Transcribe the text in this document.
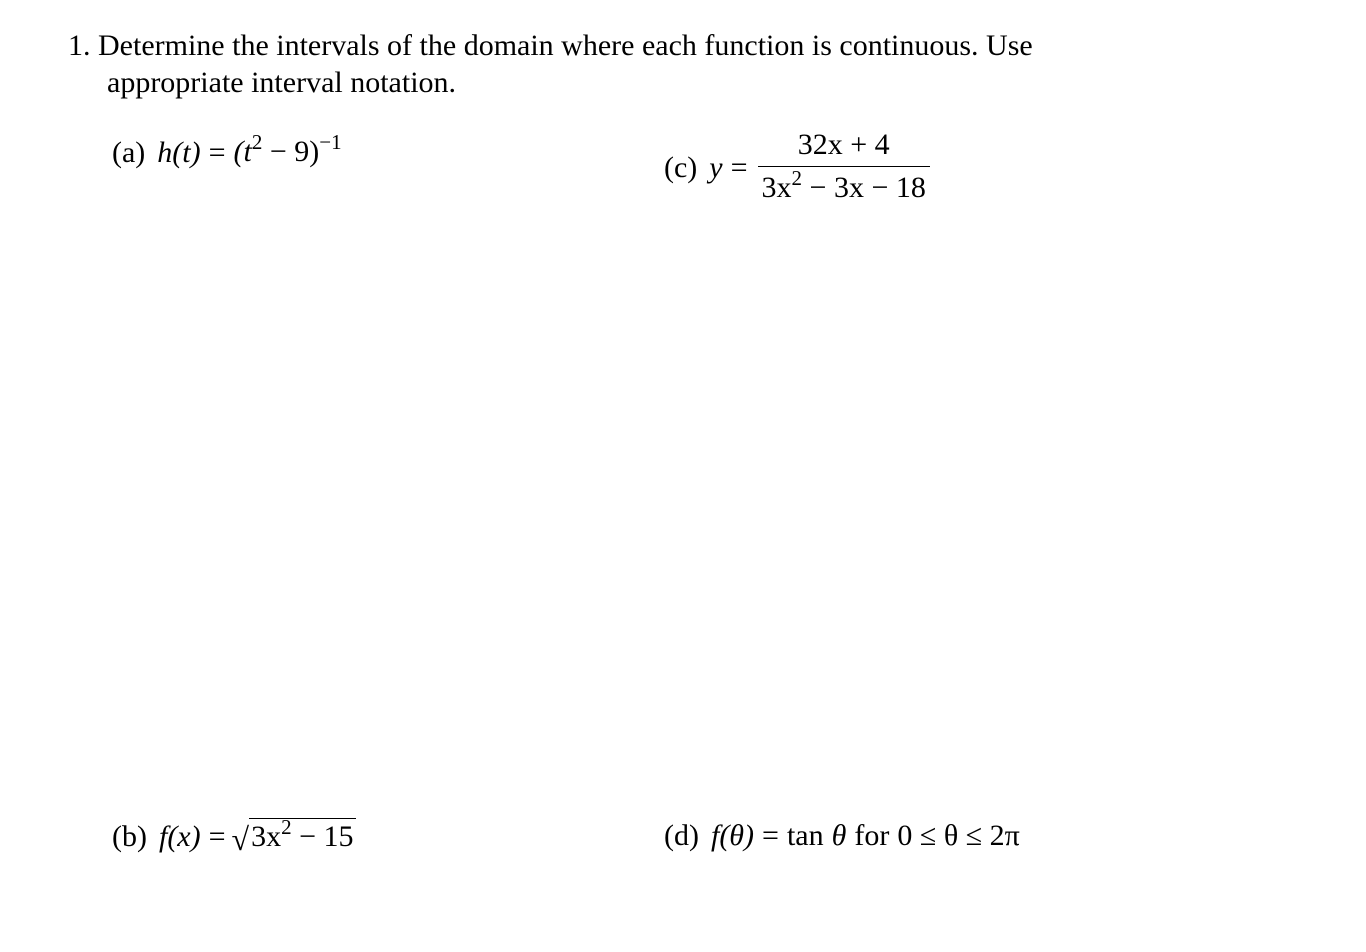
1. Determine the intervals of the domain where each function is continuous. Use
appropriate interval notation.
(a) $h(t) = (t^2 - 9)^{-1}$
(c) $y = \frac{32x + 4}{3x^2 - 3x - 18}$
(b) f(x) = √ $3x^2 - 15$	(d) f(θ) = tan θ for 0 ≤ θ ≤ 2π
